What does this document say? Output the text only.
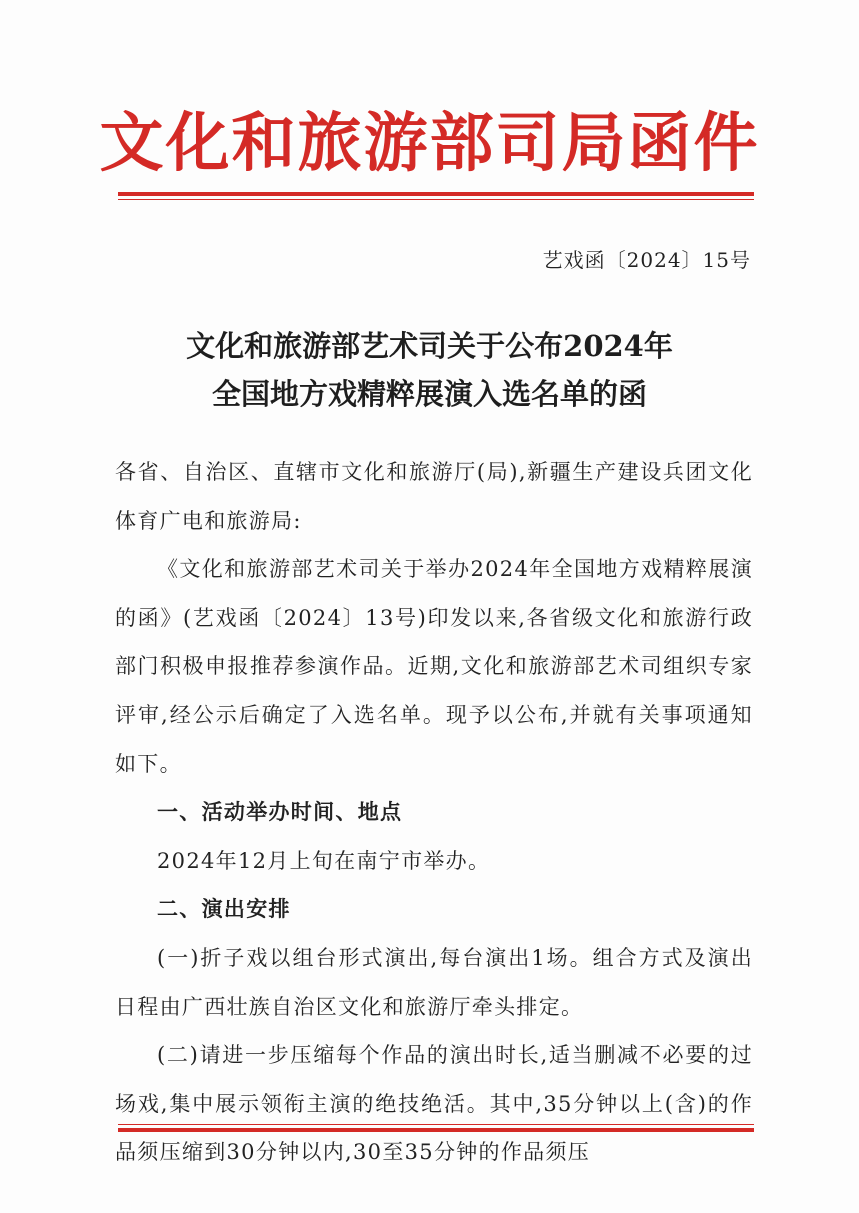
文化和旅游部司局函件
艺戏函〔2024〕15号
文化和旅游部艺术司关于公布2024年
全国地方戏精粹展演入选名单的函

各省、自治区、直辖市文化和旅游厅(局),新疆生产建设兵团文化体育广电和旅游局:

《文化和旅游部艺术司关于举办2024年全国地方戏精粹展演的函》(艺戏函〔2024〕13号)印发以来,各省级文化和旅游行政部门积极申报推荐参演作品。近期,文化和旅游部艺术司组织专家评审,经公示后确定了入选名单。现予以公布,并就有关事项通知如下。

一、活动举办时间、地点

2024年12月上旬在南宁市举办。

二、演出安排

(一)折子戏以组台形式演出,每台演出1场。组合方式及演出日程由广西壮族自治区文化和旅游厅牵头排定。

(二)请进一步压缩每个作品的演出时长,适当删减不必要的过场戏,集中展示领衔主演的绝技绝活。其中,35分钟以上(含)的作品须压缩到30分钟以内,30至35分钟的作品须压
